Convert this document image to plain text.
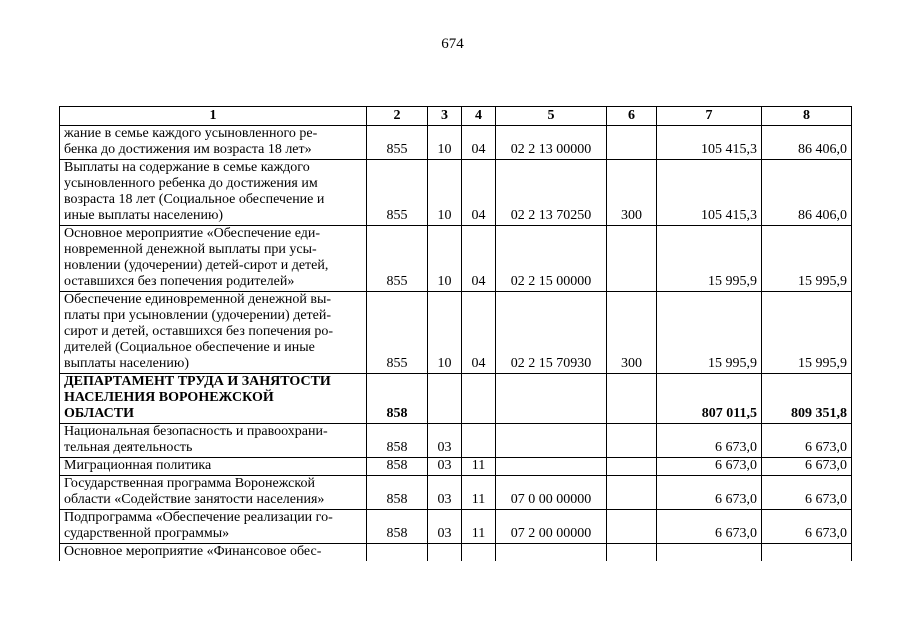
674
1	2	3	4	5	6	7	8
жание в семье каждого усыновленного ре-
бенка до достижения им возраста 18 лет»	855	10	04	02 2 13 00000		105 415,3	86 406,0
Выплаты на содержание в семье каждого
усыновленного ребенка до достижения им
возраста 18 лет (Социальное обеспечение и
иные выплаты населению)	855	10	04	02 2 13 70250	300	105 415,3	86 406,0
Основное мероприятие «Обеспечение еди-
новременной денежной выплаты при усы-
новлении (удочерении) детей-сирот и детей,
оставшихся без попечения родителей»	855	10	04	02 2 15 00000		15 995,9	15 995,9
Обеспечение единовременной денежной вы-
платы при усыновлении (удочерении) детей-
сирот и детей, оставшихся без попечения ро-
дителей (Социальное обеспечение и иные
выплаты населению)	855	10	04	02 2 15 70930	300	15 995,9	15 995,9
ДЕПАРТАМЕНТ ТРУДА И ЗАНЯТОСТИ
НАСЕЛЕНИЯ ВОРОНЕЖСКОЙ
ОБЛАСТИ	858					807 011,5	809 351,8
Национальная безопасность и правоохрани-
тельная деятельность	858	03				6 673,0	6 673,0
Миграционная политика	858	03	11			6 673,0	6 673,0
Государственная программа Воронежской
области «Содействие занятости населения»	858	03	11	07 0 00 00000		6 673,0	6 673,0
Подпрограмма «Обеспечение реализации го-
сударственной программы»	858	03	11	07 2 00 00000		6 673,0	6 673,0
Основное мероприятие «Финансовое обес-							
